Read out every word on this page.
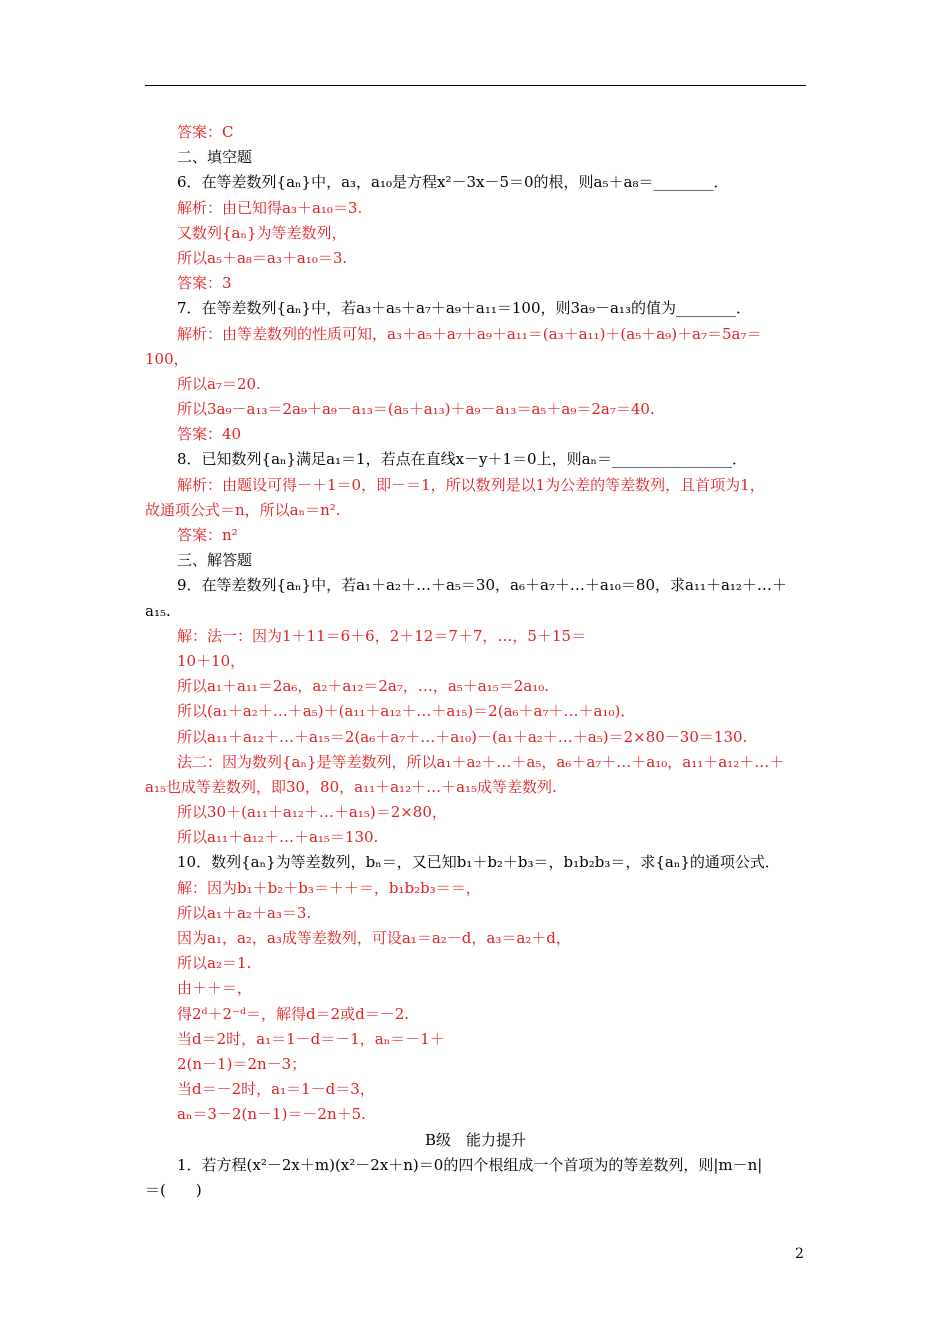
答案：C
二、填空题
6．在等差数列{aₙ}中，a₃，a₁₀是方程x²－3x－5＝0的根，则a₅＋a₈＝________．
解析：由已知得a₃＋a₁₀＝3.
又数列{aₙ}为等差数列，
所以a₅＋a₈＝a₃＋a₁₀＝3.
答案：3
7．在等差数列{aₙ}中，若a₃＋a₅＋a₇＋a₉＋a₁₁＝100，则3a₉－a₁₃的值为________．
解析：由等差数列的性质可知，a₃＋a₅＋a₇＋a₉＋a₁₁＝(a₃＋a₁₁)＋(a₅＋a₉)＋a₇＝5a₇＝
100，
所以a₇＝20.
所以3a₉－a₁₃＝2a₉＋a₉－a₁₃＝(a₅＋a₁₃)＋a₉－a₁₃＝a₅＋a₉＝2a₇＝40.
答案：40
8．已知数列{aₙ}满足a₁＝1，若点在直线x－y＋1＝0上，则aₙ＝________________．
解析：由题设可得－＋1＝0，即－＝1，所以数列是以1为公差的等差数列，且首项为1，
故通项公式＝n，所以aₙ＝n².
答案：n²
三、解答题
9．在等差数列{aₙ}中，若a₁＋a₂＋…＋a₅＝30，a₆＋a₇＋…＋a₁₀＝80，求a₁₁＋a₁₂＋…＋
a₁₅.
解：法一：因为1＋11＝6＋6，2＋12＝7＋7，…，5＋15＝
10＋10，
所以a₁＋a₁₁＝2a₆，a₂＋a₁₂＝2a₇，…，a₅＋a₁₅＝2a₁₀.
所以(a₁＋a₂＋…＋a₅)＋(a₁₁＋a₁₂＋…＋a₁₅)＝2(a₆＋a₇＋…＋a₁₀)．
所以a₁₁＋a₁₂＋…＋a₁₅＝2(a₆＋a₇＋…＋a₁₀)－(a₁＋a₂＋…＋a₅)＝2×80－30＝130.
法二：因为数列{aₙ}是等差数列，所以a₁＋a₂＋…＋a₅，a₆＋a₇＋…＋a₁₀，a₁₁＋a₁₂＋…＋
a₁₅也成等差数列，即30，80，a₁₁＋a₁₂＋…＋a₁₅成等差数列.
所以30＋(a₁₁＋a₁₂＋…＋a₁₅)＝2×80，
所以a₁₁＋a₁₂＋…＋a₁₅＝130.
10．数列{aₙ}为等差数列，bₙ＝，又已知b₁＋b₂＋b₃＝，b₁b₂b₃＝，求{aₙ}的通项公式．
解：因为b₁＋b₂＋b₃＝＋＋＝，b₁b₂b₃＝＝，
所以a₁＋a₂＋a₃＝3.
因为a₁，a₂，a₃成等差数列，可设a₁＝a₂－d，a₃＝a₂＋d，
所以a₂＝1.
由＋＋＝，
得2ᵈ＋2⁻ᵈ＝，解得d＝2或d＝－2.
当d＝2时，a₁＝1－d＝－1，aₙ＝－1＋
2(n－1)＝2n－3；
当d＝－2时，a₁＝1－d＝3，
aₙ＝3－2(n－1)＝－2n＋5.
B级　能力提升
1．若方程(x²－2x＋m)(x²－2x＋n)＝0的四个根组成一个首项为的等差数列，则|m－n|
＝(　　)
2
